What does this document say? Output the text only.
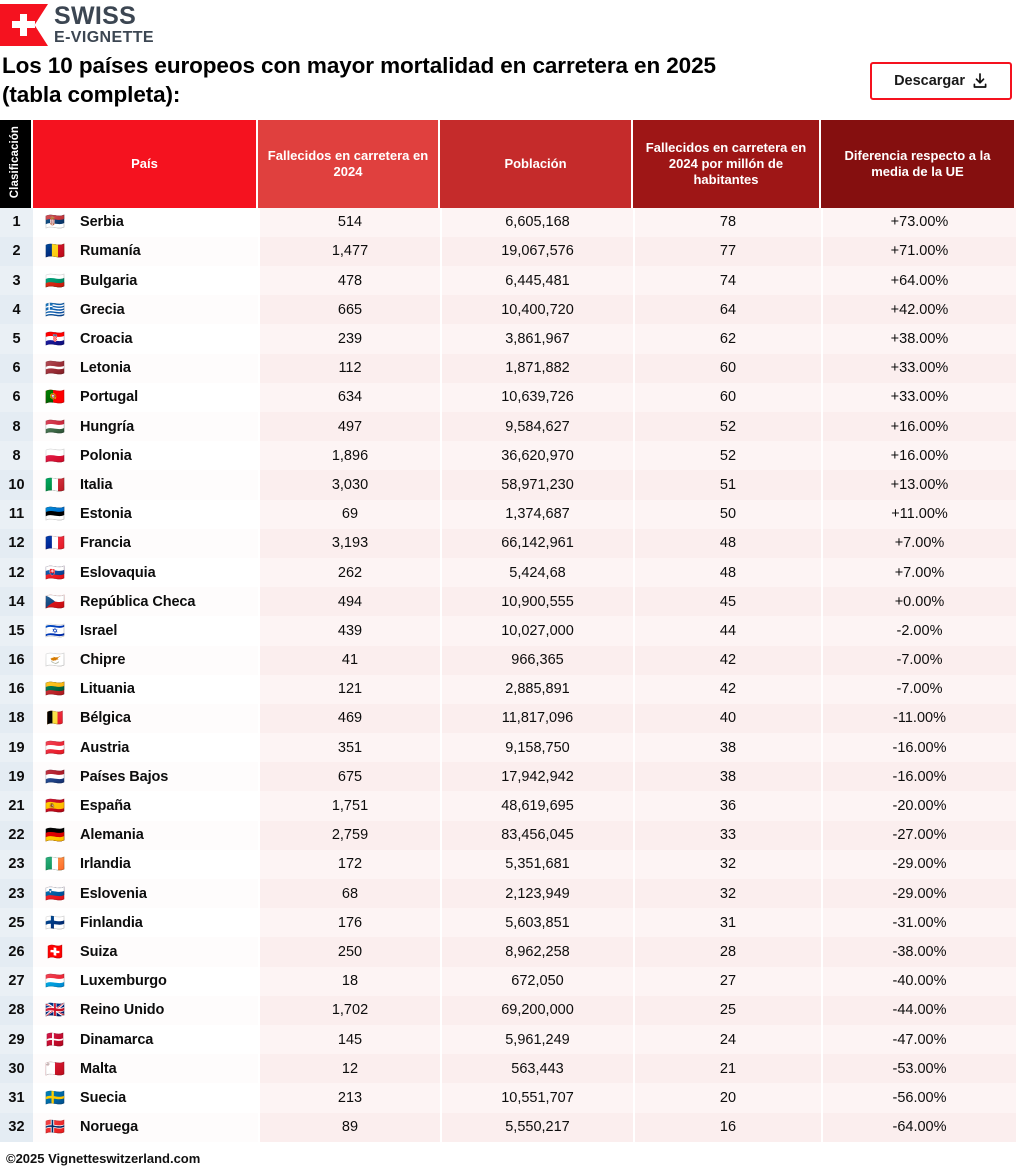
SWISS
E-VIGNETTE
Los 10 países europeos con mayor mortalidad en carretera en 2025 (tabla completa):
Descargar
Clasificación	País	Fallecidos en carretera en 2024	Población	Fallecidos en carretera en 2024 por millón de habitantes	Diferencia respecto a la media de la UE
1	🇷🇸 Serbia	514	6,605,168	78	+73.00%
2	🇷🇴 Rumanía	1,477	19,067,576	77	+71.00%
3	🇧🇬 Bulgaria	478	6,445,481	74	+64.00%
4	🇬🇷 Grecia	665	10,400,720	64	+42.00%
5	🇭🇷 Croacia	239	3,861,967	62	+38.00%
6	🇱🇻 Letonia	112	1,871,882	60	+33.00%
6	🇵🇹 Portugal	634	10,639,726	60	+33.00%
8	🇭🇺 Hungría	497	9,584,627	52	+16.00%
8	🇵🇱 Polonia	1,896	36,620,970	52	+16.00%
10	🇮🇹 Italia	3,030	58,971,230	51	+13.00%
11	🇪🇪 Estonia	69	1,374,687	50	+11.00%
12	🇫🇷 Francia	3,193	66,142,961	48	+7.00%
12	🇸🇰 Eslovaquia	262	5,424,68	48	+7.00%
14	🇨🇿 República Checa	494	10,900,555	45	+0.00%
15	🇮🇱 Israel	439	10,027,000	44	-2.00%
16	🇨🇾 Chipre	41	966,365	42	-7.00%
16	🇱🇹 Lituania	121	2,885,891	42	-7.00%
18	🇧🇪 Bélgica	469	11,817,096	40	-11.00%
19	🇦🇹 Austria	351	9,158,750	38	-16.00%
19	🇳🇱 Países Bajos	675	17,942,942	38	-16.00%
21	🇪🇸 España	1,751	48,619,695	36	-20.00%
22	🇩🇪 Alemania	2,759	83,456,045	33	-27.00%
23	🇮🇪 Irlandia	172	5,351,681	32	-29.00%
23	🇸🇮 Eslovenia	68	2,123,949	32	-29.00%
25	🇫🇮 Finlandia	176	5,603,851	31	-31.00%
26	🇨🇭 Suiza	250	8,962,258	28	-38.00%
27	🇱🇺 Luxemburgo	18	672,050	27	-40.00%
28	🇬🇧 Reino Unido	1,702	69,200,000	25	-44.00%
29	🇩🇰 Dinamarca	145	5,961,249	24	-47.00%
30	🇲🇹 Malta	12	563,443	21	-53.00%
31	🇸🇪 Suecia	213	10,551,707	20	-56.00%
32	🇳🇴 Noruega	89	5,550,217	16	-64.00%
©2025 Vignetteswitzerland.com
